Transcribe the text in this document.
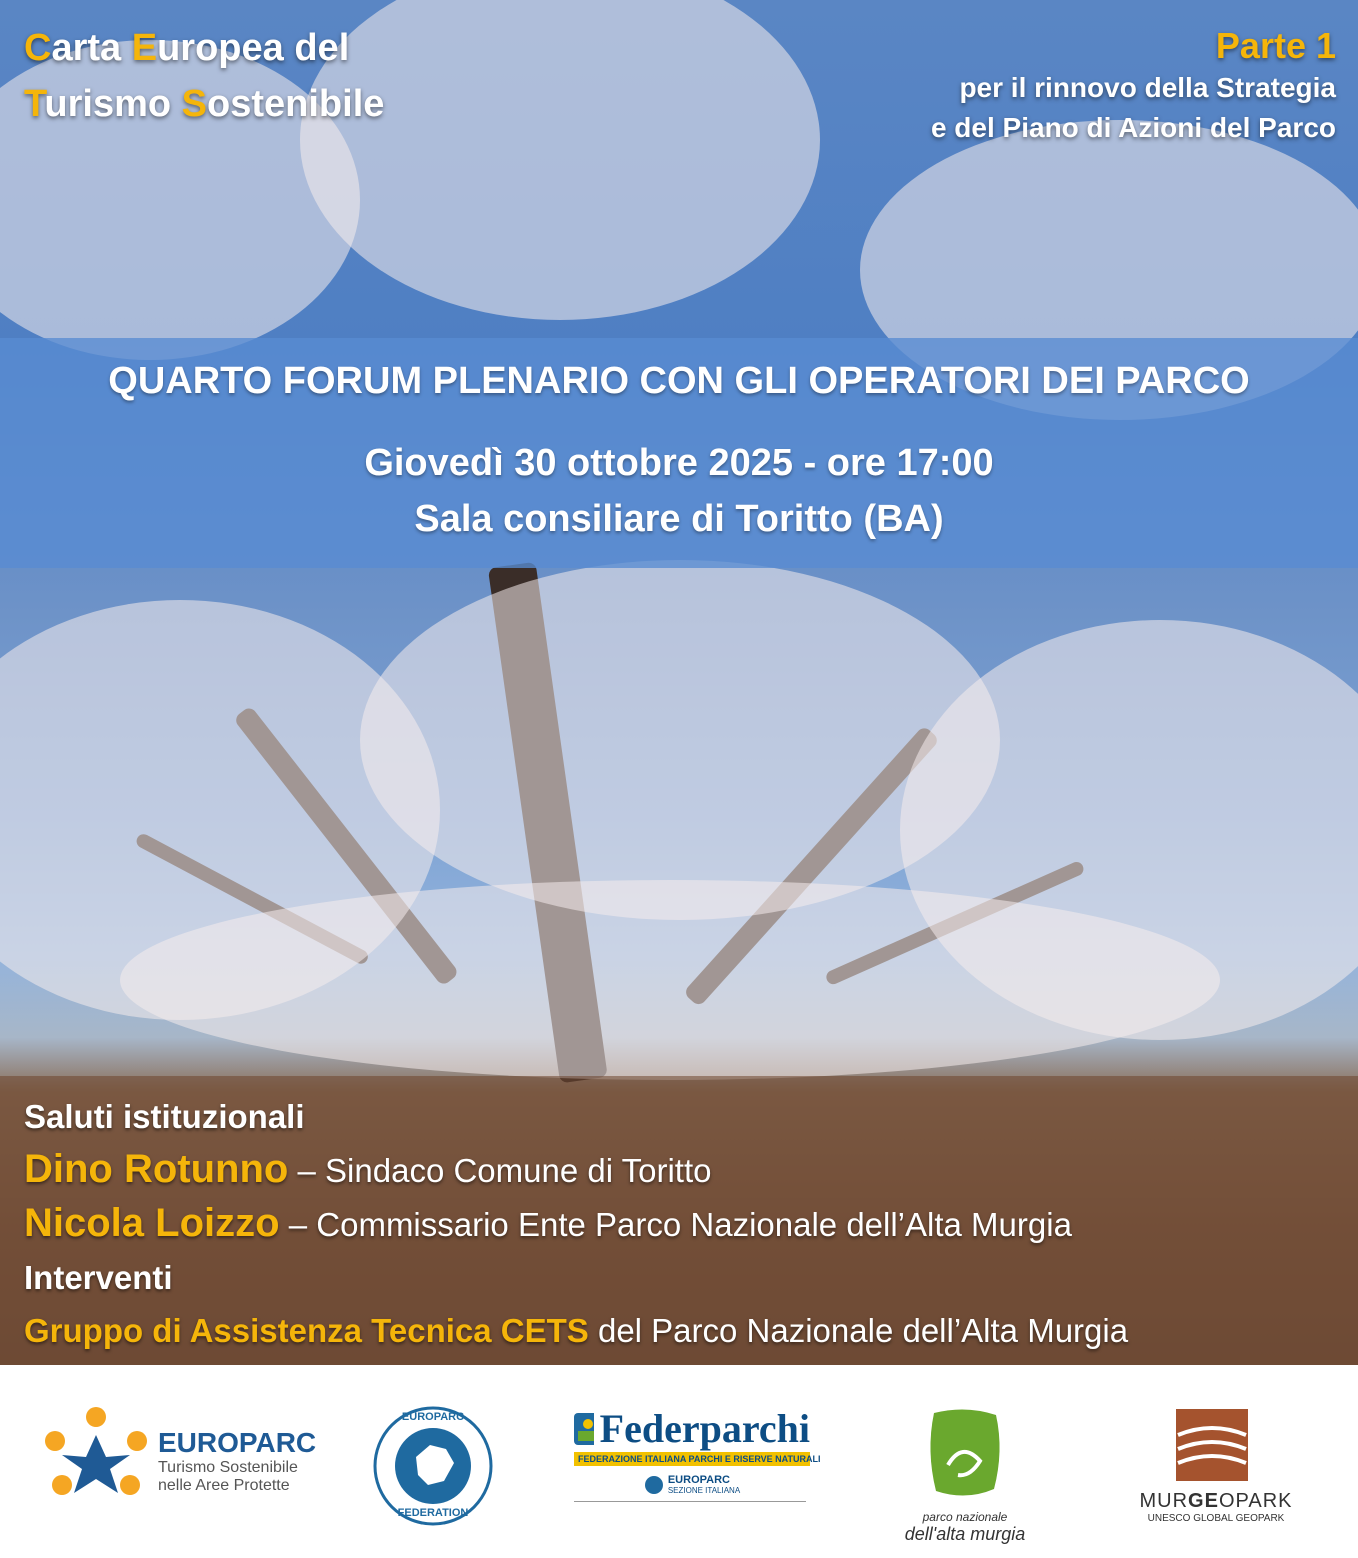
Carta Europea del
Turismo Sostenibile
Parte 1
per il rinnovo della Strategia
e del Piano di Azioni del Parco
QUARTO FORUM PLENARIO CON GLI OPERATORI DEI PARCO
Giovedì 30 ottobre 2025 - ore 17:00
Sala consiliare di Toritto (BA)
Saluti istituzionali
Dino Rotunno – Sindaco Comune di Toritto
Nicola Loizzo – Commissario Ente Parco Nazionale dell’Alta Murgia
Interventi
Gruppo di Assistenza Tecnica CETS del Parco Nazionale dell’Alta Murgia
EUROPARC
Turismo Sostenibile
nelle Aree Protette
EUROPARC
FEDERATION
Federparchi
FEDERAZIONE ITALIANA PARCHI E RISERVE NATURALI
EUROPARC
SEZIONE ITALIANA
parco nazionale
dell'alta murgia
MURGEOPARK
UNESCO GLOBAL GEOPARK
